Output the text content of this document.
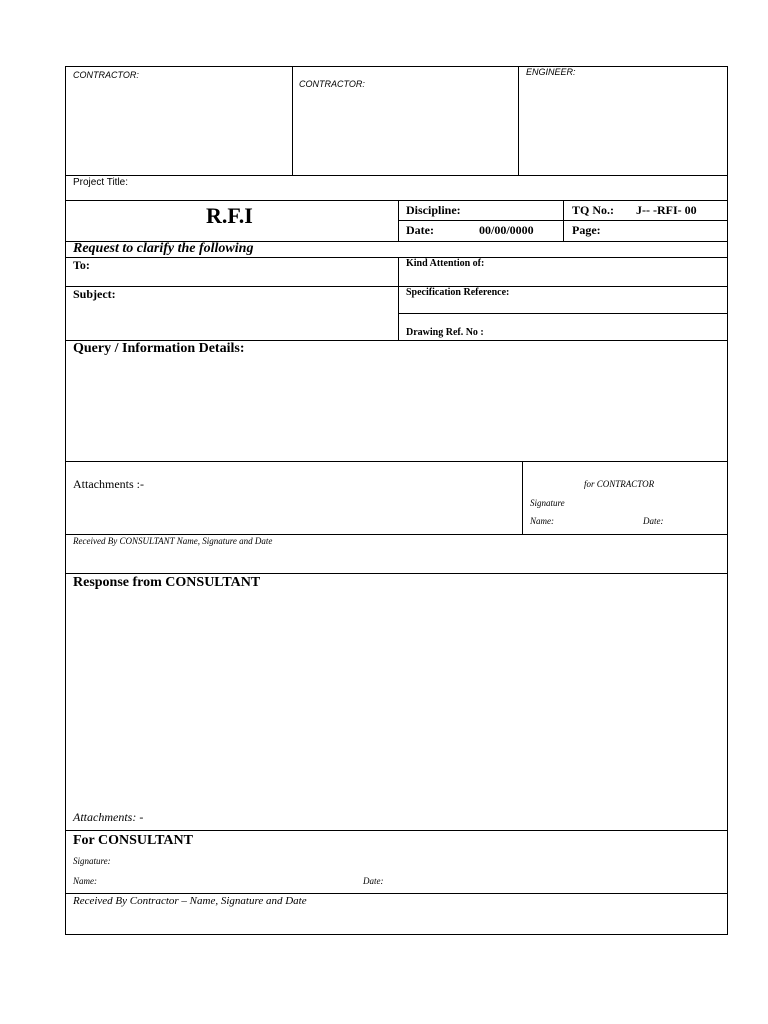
CONTRACTOR:
CONTRACTOR:
ENGINEER:
Project Title:
R.F.I	Discipline:	TQ No.: J-- -RFI- 00
Date:	00/00/0000	Page:
Request to clarify the following
To:	Kind Attention of:
Subject:	Specification Reference:
Drawing Ref. No :
Query / Information Details:
Attachments :-	for CONTRACTOR
Signature
Name:	Date:
Received By CONSULTANT Name, Signature and Date
Response from CONSULTANT
Attachments: -
For CONSULTANT
Signature:
Name:	Date:
Received By Contractor – Name, Signature and Date
